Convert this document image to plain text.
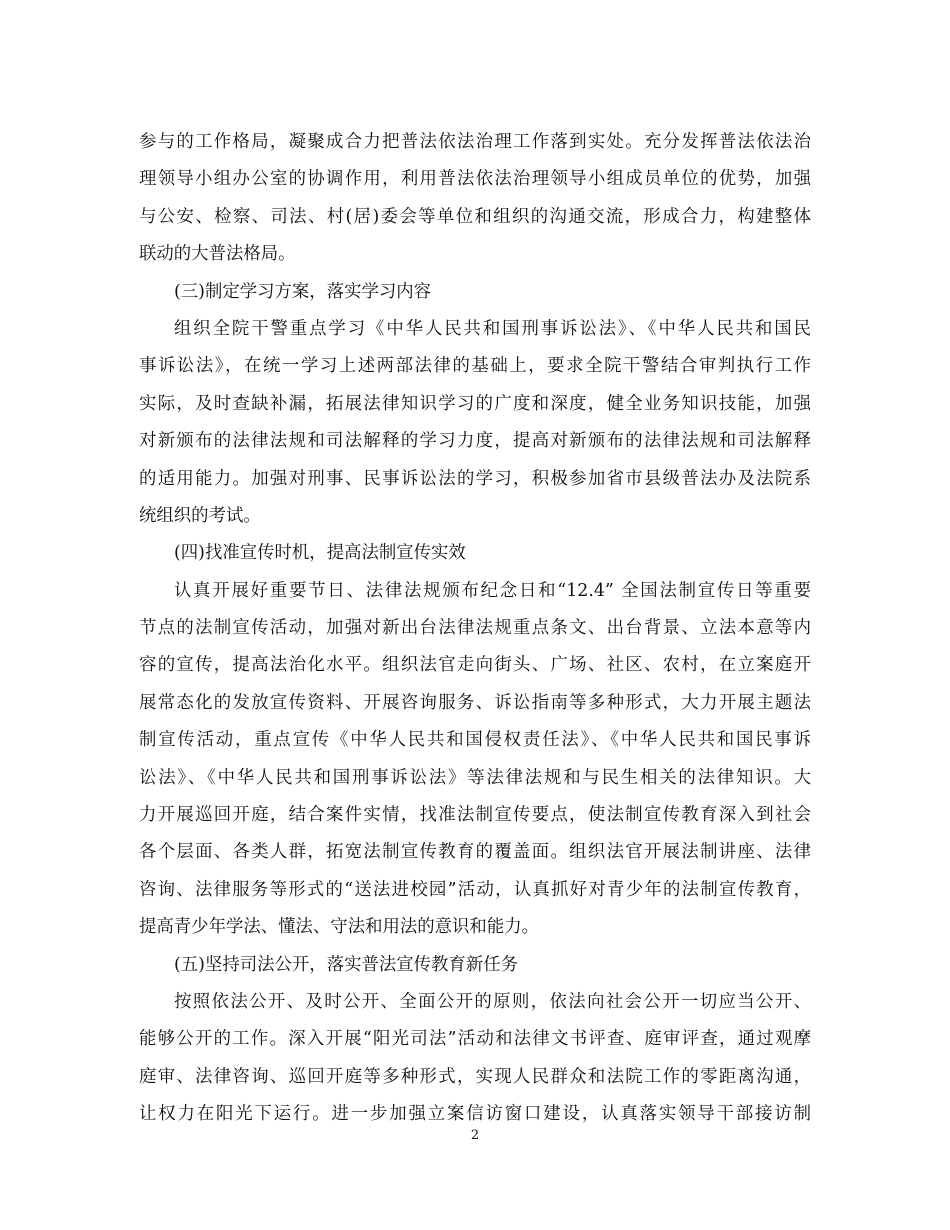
参与的工作格局，凝聚成合力把普法依法治理工作落到实处。充分发挥普法依法治
理领导小组办公室的协调作用，利用普法依法治理领导小组成员单位的优势，加强
与公安、检察、司法、村(居)委会等单位和组织的沟通交流，形成合力，构建整体
联动的大普法格局。
(三)制定学习方案，落实学习内容
组织全院干警重点学习《中华人民共和国刑事诉讼法》、《中华人民共和国民
事诉讼法》，在统一学习上述两部法律的基础上，要求全院干警结合审判执行工作
实际，及时查缺补漏，拓展法律知识学习的广度和深度，健全业务知识技能，加强
对新颁布的法律法规和司法解释的学习力度，提高对新颁布的法律法规和司法解释
的适用能力。加强对刑事、民事诉讼法的学习，积极参加省市县级普法办及法院系
统组织的考试。
(四)找准宣传时机，提高法制宣传实效
认真开展好重要节日、法律法规颁布纪念日和“12.4” 全国法制宣传日等重要
节点的法制宣传活动，加强对新出台法律法规重点条文、出台背景、立法本意等内
容的宣传，提高法治化水平。组织法官走向街头、广场、社区、农村，在立案庭开
展常态化的发放宣传资料、开展咨询服务、诉讼指南等多种形式，大力开展主题法
制宣传活动，重点宣传《中华人民共和国侵权责任法》、《中华人民共和国民事诉
讼法》、《中华人民共和国刑事诉讼法》等法律法规和与民生相关的法律知识。大
力开展巡回开庭，结合案件实情，找准法制宣传要点，使法制宣传教育深入到社会
各个层面、各类人群，拓宽法制宣传教育的覆盖面。组织法官开展法制讲座、法律
咨询、法律服务等形式的“送法进校园”活动，认真抓好对青少年的法制宣传教育，
提高青少年学法、懂法、守法和用法的意识和能力。
(五)坚持司法公开，落实普法宣传教育新任务
按照依法公开、及时公开、全面公开的原则，依法向社会公开一切应当公开、
能够公开的工作。深入开展“阳光司法”活动和法律文书评查、庭审评查，通过观摩
庭审、法律咨询、巡回开庭等多种形式，实现人民群众和法院工作的零距离沟通，
让权力在阳光下运行。进一步加强立案信访窗口建设，认真落实领导干部接访制
2
